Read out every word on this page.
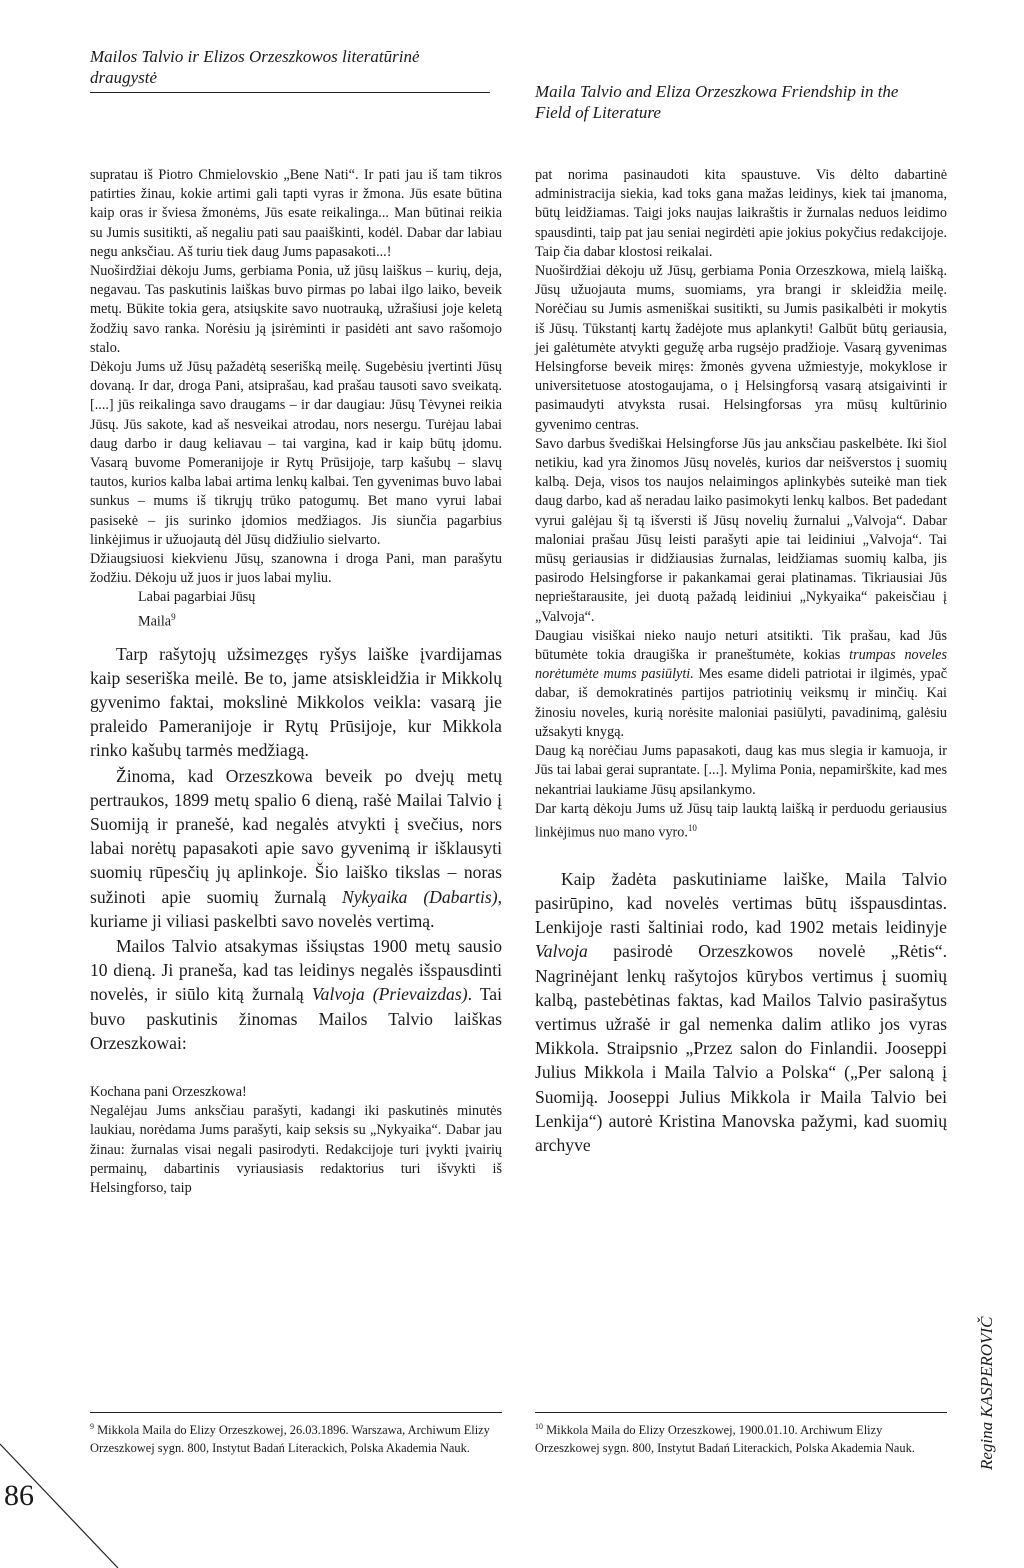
Mailos Talvio ir Elizos Orzeszkowos literatūrinė draugystė
Maila Talvio and Eliza Orzeszkowa Friendship in the Field of Literature

supratau iš Piotro Chmielovskio „Bene Nati“. Ir pati jau iš tam tikros patirties žinau, kokie artimi gali tapti vyras ir žmona. Jūs esate būtina kaip oras ir šviesa žmonėms, Jūs esate reikalinga... Man būtinai reikia su Jumis susitikti, aš negaliu pati sau paaiškinti, kodėl. Dabar dar labiau negu anksčiau. Aš turiu tiek daug Jums papasakoti...!

Nuoširdžiai dėkoju Jums, gerbiama Ponia, už jūsų laiškus – kurių, deja, negavau. Tas paskutinis laiškas buvo pirmas po labai ilgo laiko, beveik metų. Būkite tokia gera, atsiųskite savo nuotrauką, užrašiusi joje keletą žodžių savo ranka. Norėsiu ją įsirėminti ir pasidėti ant savo rašomojo stalo.

Dėkoju Jums už Jūsų pažadėtą seserišką meilę. Sugebėsiu įvertinti Jūsų dovaną. Ir dar, droga Pani, atsiprašau, kad prašau tausoti savo sveikatą. [....] jūs reikalinga savo draugams – ir dar daugiau: Jūsų Tėvynei reikia Jūsų. Jūs sakote, kad aš nesveikai atrodau, nors nesergu. Turėjau labai daug darbo ir daug keliavau – tai vargina, kad ir kaip būtų įdomu. Vasarą buvome Pomeranijoje ir Rytų Prūsijoje, tarp kašubų – slavų tautos, kurios kalba labai artima lenkų kalbai. Ten gyvenimas buvo labai sunkus – mums iš tikrųjų trūko patogumų. Bet mano vyrui labai pasisekė – jis surinko įdomios medžiagos. Jis siunčia pagarbius linkėjimus ir užuojautą dėl Jūsų didžiulio sielvarto.

Džiaugsiuosi kiekvienu Jūsų, szanowna i droga Pani, man parašytu žodžiu. Dėkoju už juos ir juos labai myliu.

Labai pagarbiai Jūsų

Maila$^9$

Tarp rašytojų užsimezgęs ryšys laiške įvardijamas kaip seseriška meilė. Be to, jame atsiskleidžia ir Mikkolų gyvenimo faktai, mokslinė Mikkolos veikla: vasarą jie praleido Pameranijoje ir Rytų Prūsijoje, kur Mikkola rinko kašubų tarmės medžiagą.

Žinoma, kad Orzeszkowa beveik po dvejų metų pertraukos, 1899 metų spalio 6 dieną, rašė Mailai Talvio į Suomiją ir pranešė, kad negalės atvykti į svečius, nors labai norėtų papasakoti apie savo gyvenimą ir išklausyti suomių rūpesčių jų aplinkoje. Šio laiško tikslas – noras sužinoti apie suomių žurnalą Nykyaika (Dabartis), kuriame ji viliasi paskelbti savo novelės vertimą.

Mailos Talvio atsakymas išsiųstas 1900 metų sausio 10 dieną. Ji praneša, kad tas leidinys negalės išspausdinti novelės, ir siūlo kitą žurnalą Valvoja (Prievaizdas). Tai buvo paskutinis žinomas Mailos Talvio laiškas Orzeszkowai:

Kochana pani Orzeszkowa!

Negalėjau Jums anksčiau parašyti, kadangi iki paskutinės minutės laukiau, norėdama Jums parašyti, kaip seksis su „Nykyaika“. Dabar jau žinau: žurnalas visai negali pasirodyti. Redakcijoje turi įvykti įvairių permainų, dabartinis vyriausiasis redaktorius turi išvykti iš Helsingforso, taip

pat norima pasinaudoti kita spaustuve. Vis dėlto dabartinė administracija siekia, kad toks gana mažas leidinys, kiek tai įmanoma, būtų leidžiamas. Taigi joks naujas laikraštis ir žurnalas neduos leidimo spausdinti, taip pat jau seniai negirdėti apie jokius pokyčius redakcijoje. Taip čia dabar klostosi reikalai.

Nuoširdžiai dėkoju už Jūsų, gerbiama Ponia Orzeszkowa, mielą laišką. Jūsų užuojauta mums, suomiams, yra brangi ir skleidžia meilę. Norėčiau su Jumis asmeniškai susitikti, su Jumis pasikalbėti ir mokytis iš Jūsų. Tūkstantį kartų žadėjote mus aplankyti! Galbūt būtų geriausia, jei galėtumėte atvykti gegužę arba rugsėjo pradžioje. Vasarą gyvenimas Helsingforse beveik miręs: žmonės gyvena užmiestyje, mokyklose ir universitetuose atostogaujama, o į Helsingforsą vasarą atsigaivinti ir pasimaudyti atvyksta rusai. Helsingforsas yra mūsų kultūrinio gyvenimo centras.

Savo darbus švediškai Helsingforse Jūs jau anksčiau paskelbėte. Iki šiol netikiu, kad yra žinomos Jūsų novelės, kurios dar neišverstos į suomių kalbą. Deja, visos tos naujos nelaimingos aplinkybės suteikė man tiek daug darbo, kad aš neradau laiko pasimokyti lenkų kalbos. Bet padedant vyrui galėjau šį tą išversti iš Jūsų novelių žurnalui „Valvoja“. Dabar maloniai prašau Jūsų leisti parašyti apie tai leidiniui „Valvoja“. Tai mūsų geriausias ir didžiausias žurnalas, leidžiamas suomių kalba, jis pasirodo Helsingforse ir pakankamai gerai platinamas. Tikriausiai Jūs neprieštarausite, jei duotą pažadą leidiniui „Nykyaika“ pakeisčiau į „Valvoja“.

Daugiau visiškai nieko naujo neturi atsitikti. Tik prašau, kad Jūs būtumėte tokia draugiška ir praneštumėte, kokias trumpas noveles norėtumėte mums pasiūlyti. Mes esame dideli patriotai ir ilgimės, ypač dabar, iš demokratinės partijos patriotinių veiksmų ir minčių. Kai žinosiu noveles, kurią norėsite maloniai pasiūlyti, pavadinimą, galėsiu užsakyti knygą.

Daug ką norėčiau Jums papasakoti, daug kas mus slegia ir kamuoja, ir Jūs tai labai gerai suprantate. [...]. Mylima Ponia, nepamirškite, kad mes nekantriai laukiame Jūsų apsilankymo.

Dar kartą dėkoju Jums už Jūsų taip lauktą laišką ir perduodu geriausius linkėjimus nuo mano vyro.$^{10}$

Kaip žadėta paskutiniame laiške, Maila Talvio pasirūpino, kad novelės vertimas būtų išspausdintas. Lenkijoje rasti šaltiniai rodo, kad 1902 metais leidinyje Valvoja pasirodė Orzeszkowos novelė „Rėtis“. Nagrinėjant lenkų rašytojos kūrybos vertimus į suomių kalbą, pastebėtinas faktas, kad Mailos Talvio pasirašytus vertimus užrašė ir gal nemenka dalim atliko jos vyras Mikkola. Straipsnio „Przez salon do Finlandii. Jooseppi Julius Mikkola i Maila Talvio a Polska“ („Per saloną į Suomiją. Jooseppi Julius Mikkola ir Maila Talvio bei Lenkija“) autorė Kristina Manovska pažymi, kad suomių archyve

$^9$ Mikkola Maila do Elizy Orzeszkowej, 26.03.1896. Warszawa, Archiwum Elizy Orzeszkowej sygn. 800, Instytut Badań Literackich, Polska Akademia Nauk.
$^{10}$ Mikkola Maila do Elizy Orzeszkowej, 1900.01.10. Archiwum Elizy Orzeszkowej sygn. 800, Instytut Badań Literackich, Polska Akademia Nauk.
86
Regina KASPEROVIČ
